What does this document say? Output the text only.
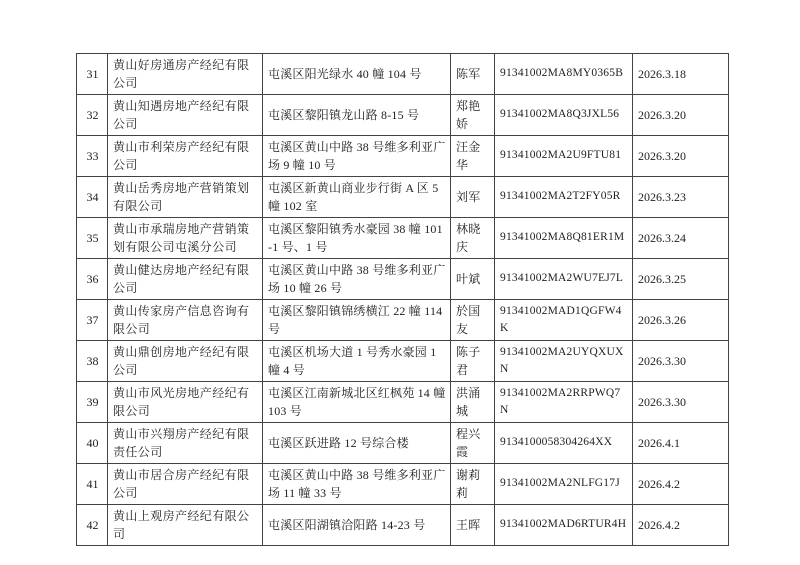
31	黄山好房通房产经纪有限公司	屯溪区阳光绿水 40 幢 104 号	陈军	91341002MA8MY0365B	2026.3.18
32	黄山知遇房地产经纪有限公司	屯溪区黎阳镇龙山路 8-15 号	郑艳娇	91341002MA8Q3JXL56	2026.3.20
33	黄山市利荣房产经纪有限公司	屯溪区黄山中路 38 号维多利亚广场 9 幢 10 号	汪金华	91341002MA2U9FTU81	2026.3.20
34	黄山岳秀房地产营销策划有限公司	屯溪区新黄山商业步行街 A 区 5 幢 102 室	刘军	91341002MA2T2FY05R	2026.3.23
35	黄山市承瑞房地产营销策划有限公司屯溪分公司	屯溪区黎阳镇秀水豪园 38 幢 101-1 号、1 号	林晓庆	91341002MA8Q81ER1M	2026.3.24
36	黄山健达房地产经纪有限公司	屯溪区黄山中路 38 号维多利亚广场 10 幢 26 号	叶斌	91341002MA2WU7EJ7L	2026.3.25
37	黄山传家房产信息咨询有限公司	屯溪区黎阳镇锦绣横江 22 幢 114 号	於国友	91341002MAD1QGFW4K	2026.3.26
38	黄山鼎创房地产经纪有限公司	屯溪区机场大道 1 号秀水豪园 1 幢 4 号	陈子君	91341002MA2UYQXUXN	2026.3.30
39	黄山市风光房地产经纪有限公司	屯溪区江南新城北区红枫苑 14 幢 103 号	洪涌城	91341002MA2RRPWQ7N	2026.3.30
40	黄山市兴翔房产经纪有限责任公司	屯溪区跃进路 12 号综合楼	程兴霞	9134100058304264XX	2026.4.1
41	黄山市居合房产经纪有限公司	屯溪区黄山中路 38 号维多利亚广场 11 幢 33 号	谢莉莉	91341002MA2NLFG17J	2026.4.2
42	黄山上观房产经纪有限公司	屯溪区阳湖镇洽阳路 14-23 号	王晖	91341002MAD6RTUR4H	2026.4.2
